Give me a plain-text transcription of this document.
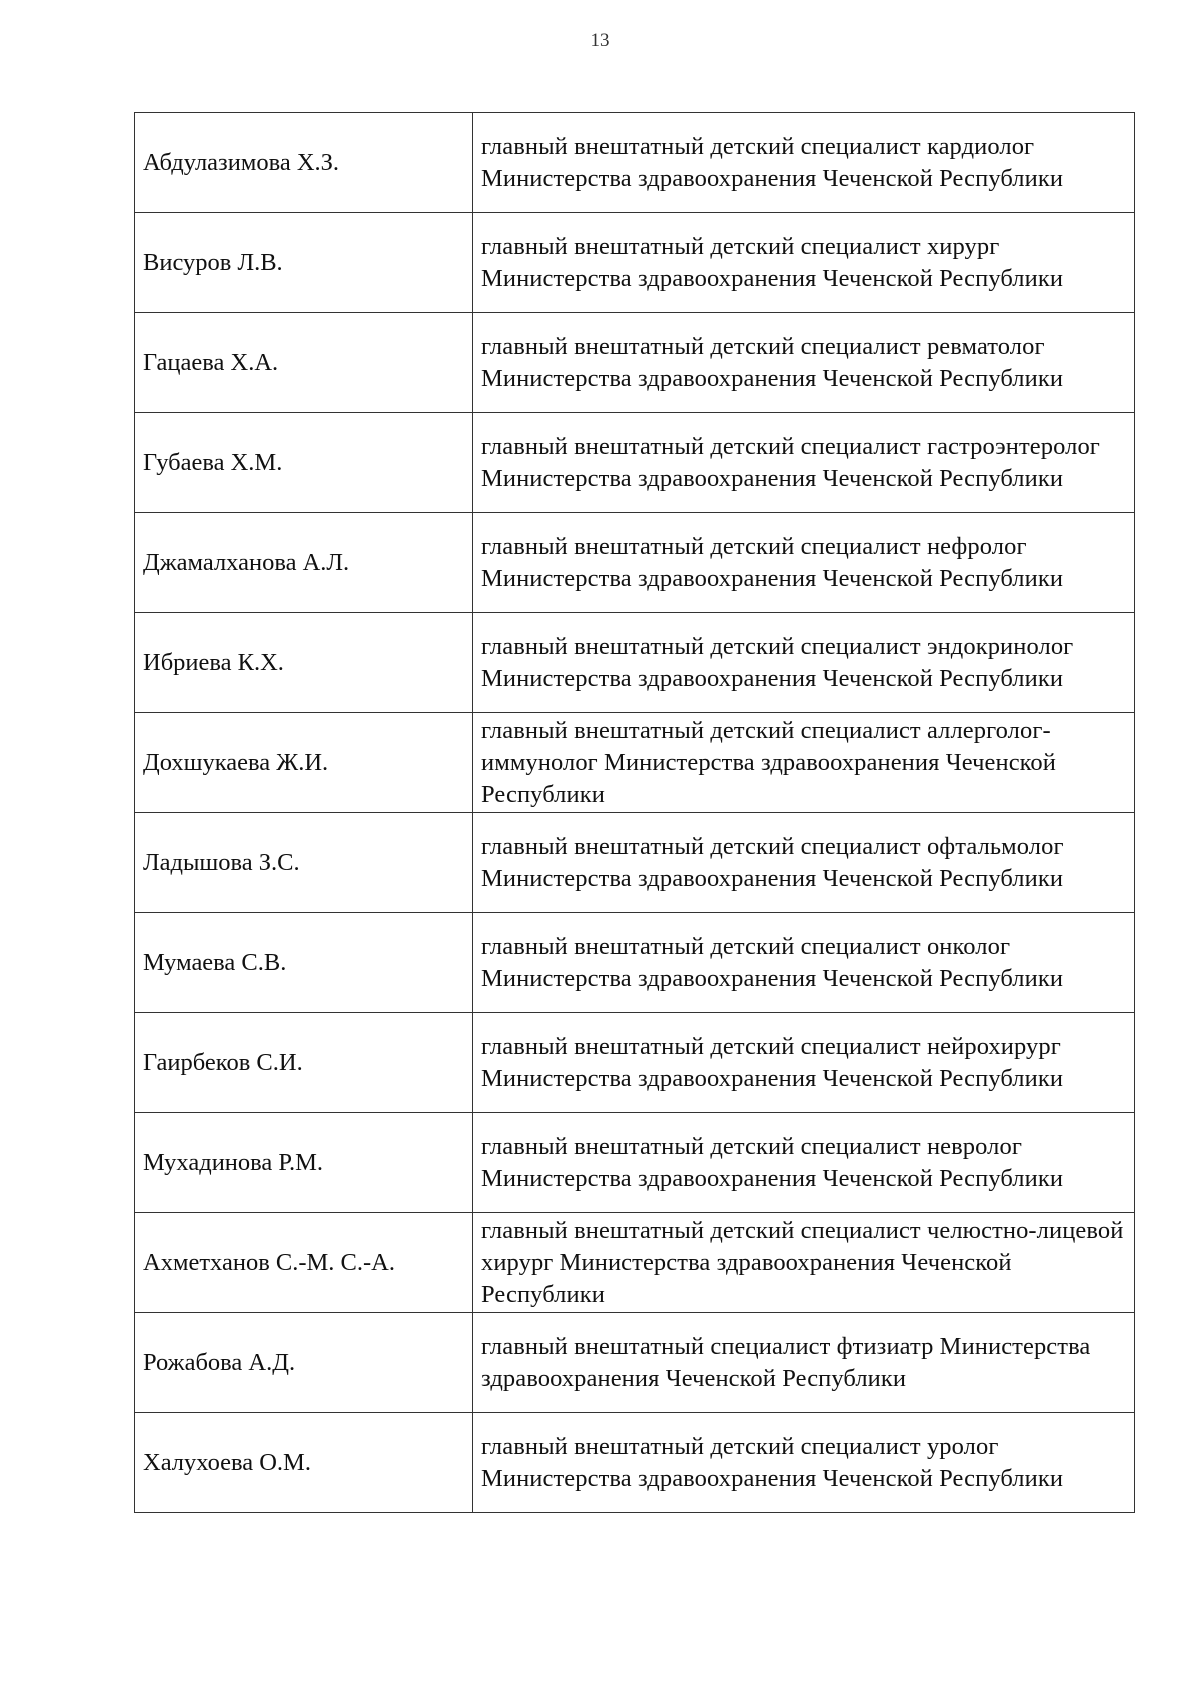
13
Абдулазимова Х.З.	главный внештатный детский специалист кардиолог Министерства здравоохранения Чеченской Республики
Висуров Л.В.	главный внештатный детский специалист хирург Министерства здравоохранения Чеченской Республики
Гацаева Х.А.	главный внештатный детский специалист ревматолог Министерства здравоохранения Чеченской Республики
Губаева Х.М.	главный внештатный детский специалист гастроэнтеролог Министерства здравоохранения Чеченской Республики
Джамалханова А.Л.	главный внештатный детский специалист нефролог Министерства здравоохранения Чеченской Республики
Ибриева К.Х.	главный внештатный детский специалист эндокринолог Министерства здравоохранения Чеченской Республики
Дохшукаева Ж.И.	главный внештатный детский специалист аллерголог-иммунолог Министерства здравоохранения Чеченской Республики
Ладышова З.С.	главный внештатный детский специалист офтальмолог Министерства здравоохранения Чеченской Республики
Мумаева С.В.	главный внештатный детский специалист онколог Министерства здравоохранения Чеченской Республики
Гаирбеков С.И.	главный внештатный детский специалист нейрохирург Министерства здравоохранения Чеченской Республики
Мухадинова Р.М.	главный внештатный детский специалист невролог Министерства здравоохранения Чеченской Республики
Ахметханов С.-М. С.-А.	главный внештатный детский специалист челюстно-лицевой хирург Министерства здравоохранения Чеченской Республики
Рожабова А.Д.	главный внештатный специалист фтизиатр Министерства здравоохранения Чеченской Республики
Халухоева О.М.	главный внештатный детский специалист уролог Министерства здравоохранения Чеченской Республики
